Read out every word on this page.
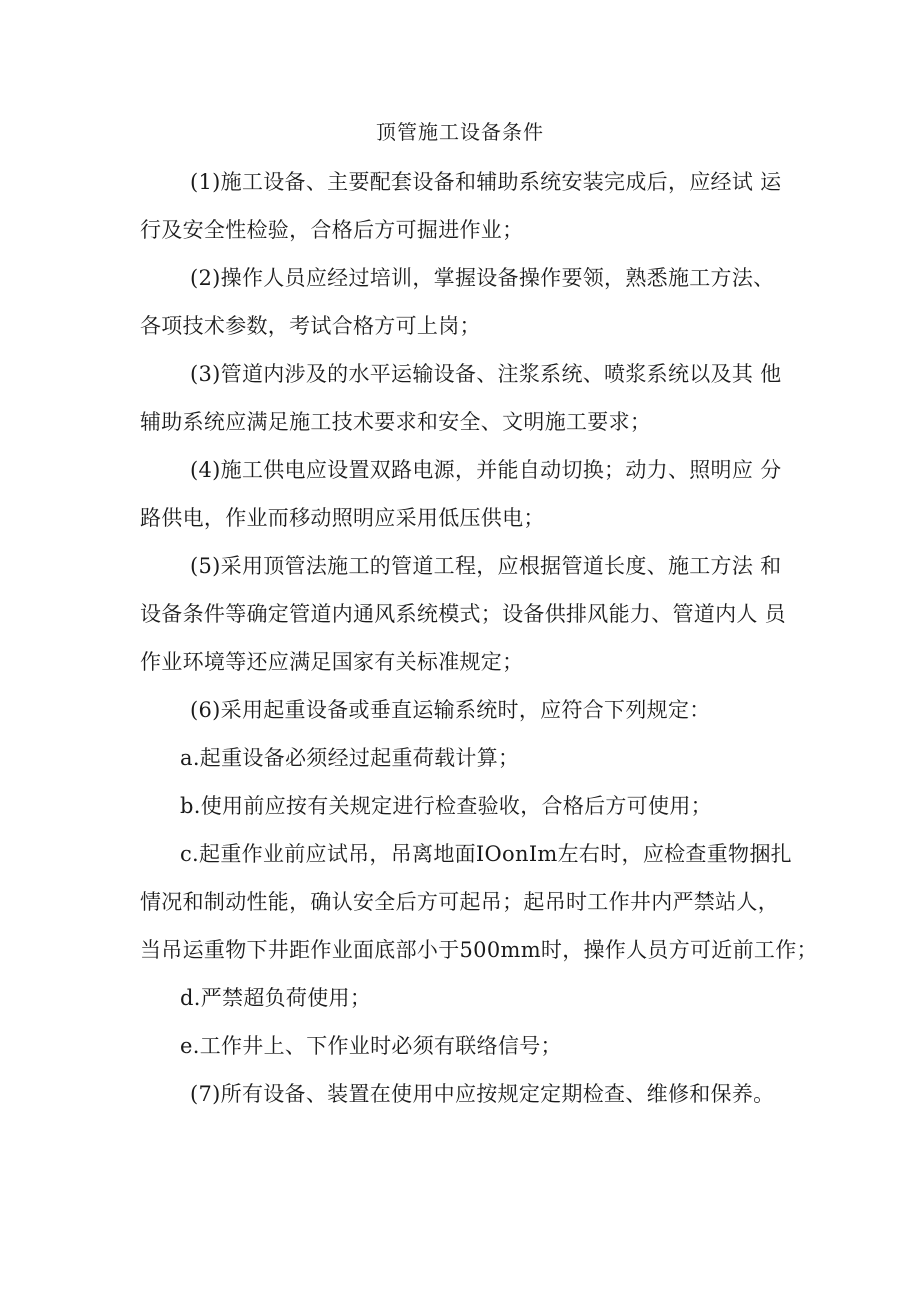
顶管施工设备条件
(1)施工设备、主要配套设备和辅助系统安装完成后，应经试 运
行及安全性检验，合格后方可掘进作业；
(2)操作人员应经过培训，掌握设备操作要领，熟悉施工方法、
各项技术参数，考试合格方可上岗；
(3)管道内涉及的水平运输设备、注浆系统、喷浆系统以及其 他
辅助系统应满足施工技术要求和安全、文明施工要求；
(4)施工供电应设置双路电源，并能自动切换；动力、照明应 分
路供电，作业而移动照明应采用低压供电；
(5)采用顶管法施工的管道工程，应根据管道长度、施工方法 和
设备条件等确定管道内通风系统模式；设备供排风能力、管道内人 员
作业环境等还应满足国家有关标准规定；
(6)采用起重设备或垂直运输系统时，应符合下列规定：
a.起重设备必须经过起重荷载计算；
b.使用前应按有关规定进行检查验收，合格后方可使用；
c.起重作业前应试吊，吊离地面IOonIm左右时，应检查重物捆扎
情况和制动性能，确认安全后方可起吊；起吊时工作井内严禁站人，
当吊运重物下井距作业面底部小于500mm时，操作人员方可近前工作；
d.严禁超负荷使用；
e.工作井上、下作业时必须有联络信号；
(7)所有设备、装置在使用中应按规定定期检查、维修和保养。
